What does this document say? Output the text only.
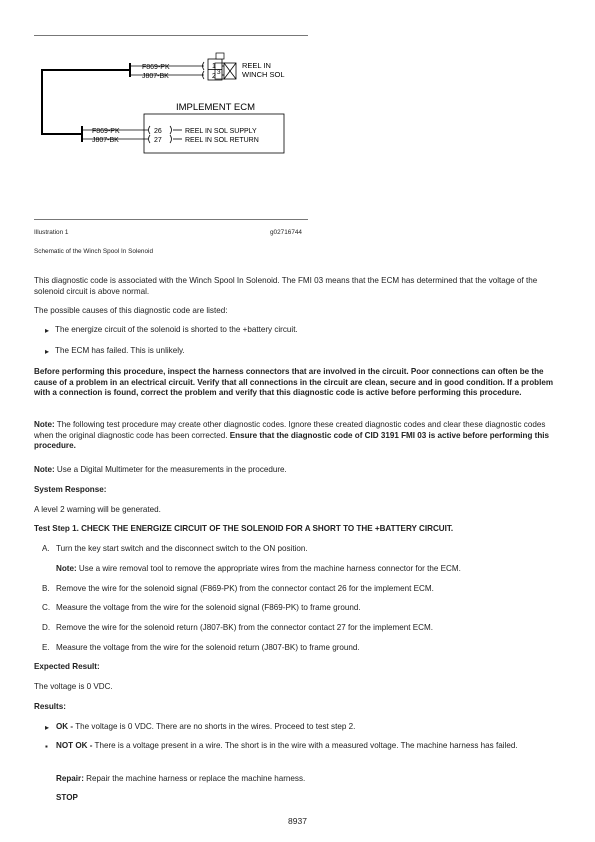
F869-PK
J807-BK
1
2
3
REEL IN
WINCH SOL
IMPLEMENT ECM
F869-PK
J807-BK
26
27
REEL IN SOL SUPPLY
REEL IN SOL RETURN
Illustration 1	g02716744
Schematic of the Winch Spool In Solenoid
This diagnostic code is associated with the Winch Spool In Solenoid. The FMI 03 means that the ECM has determined that the voltage of the solenoid circuit is above normal.
The possible causes of this diagnostic code are listed:
▸ The energize circuit of the solenoid is shorted to the +battery circuit.
▸ The ECM has failed. This is unlikely.
Before performing this procedure, inspect the harness connectors that are involved in the circuit. Poor connections can often be the cause of a problem in an electrical circuit. Verify that all connections in the circuit are clean, secure and in good condition. If a problem with a connection is found, correct the problem and verify that this diagnostic code is active before performing this procedure.
Note: The following test procedure may create other diagnostic codes. Ignore these created diagnostic codes and clear these diagnostic codes when the original diagnostic code has been corrected. Ensure that the diagnostic code of CID 3191 FMI 03 is active before performing this procedure.
Note: Use a Digital Multimeter for the measurements in the procedure.
System Response:
A level 2 warning will be generated.
Test Step 1. CHECK THE ENERGIZE CIRCUIT OF THE SOLENOID FOR A SHORT TO THE +BATTERY CIRCUIT.
A. Turn the key start switch and the disconnect switch to the ON position.
Note: Use a wire removal tool to remove the appropriate wires from the machine harness connector for the ECM.
B. Remove the wire for the solenoid signal (F869-PK) from the connector contact 26 for the implement ECM.
C. Measure the voltage from the wire for the solenoid signal (F869-PK) to frame ground.
D. Remove the wire for the solenoid return (J807-BK) from the connector contact 27 for the implement ECM.
E. Measure the voltage from the wire for the solenoid return (J807-BK) to frame ground.
Expected Result:
The voltage is 0 VDC.
Results:
▸ OK - The voltage is 0 VDC. There are no shorts in the wires. Proceed to test step 2.
▪ NOT OK - There is a voltage present in a wire. The short is in the wire with a measured voltage. The machine harness has failed.
Repair: Repair the machine harness or replace the machine harness.
STOP
8937
